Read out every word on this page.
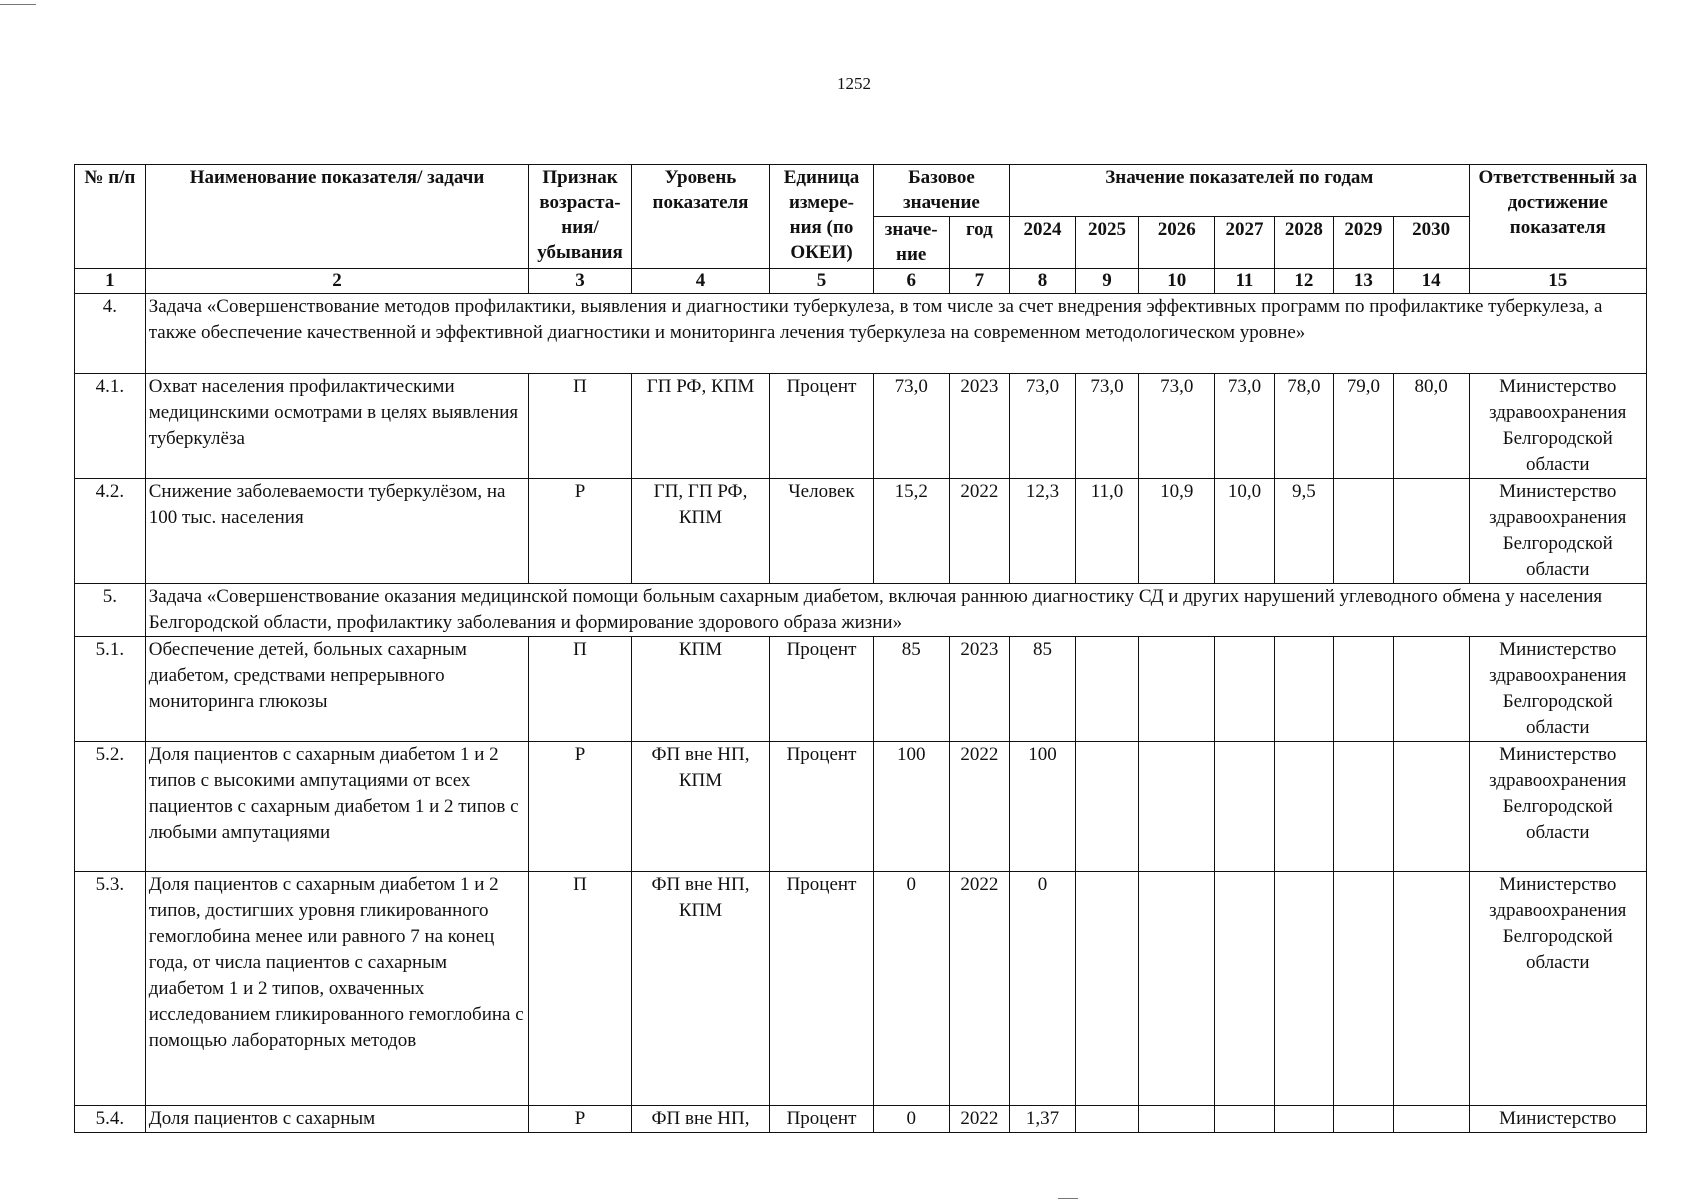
1252
№ п/п	Наименование показателя/ задачи	Признак возраста-ния/ убывания	Уровень показателя	Единица измере-ния (по ОКЕИ)	Базовое значение		Значение показателей по годам							Ответственный за достижение показателя
					значе-ние	год	2024	2025	2026	2027	2028	2029	2030	
1	2	3	4	5	6	7	8	9	10	11	12	13	14	15
4.	Задача «Совершенствование методов профилактики, выявления и диагностики туберкулеза, в том числе за счет внедрения эффективных программ по профилактике туберкулеза, а также обеспечение качественной и эффективной диагностики и мониторинга лечения туберкулеза на современном методологическом уровне»													
4.1.	Охват населения профилактическими медицинскими осмотрами в целях выявления туберкулёза	П	ГП РФ, КПМ	Процент	73,0	2023	73,0	73,0	73,0	73,0	78,0	79,0	80,0	Министерство здравоохранения Белгородской области
4.2.	Снижение заболеваемости туберкулёзом, на 100 тыс. населения	Р	ГП, ГП РФ, КПМ	Человек	15,2	2022	12,3	11,0	10,9	10,0	9,5			Министерство здравоохранения Белгородской области
5.	Задача «Совершенствование оказания медицинской помощи больным сахарным диабетом, включая раннюю диагностику СД и других нарушений углеводного обмена у населения Белгородской области, профилактику заболевания и формирование здорового образа жизни»													
5.1.	Обеспечение детей, больных сахарным диабетом, средствами непрерывного мониторинга глюкозы	П	КПМ	Процент	85	2023	85							Министерство здравоохранения Белгородской области
5.2.	Доля пациентов с сахарным диабетом 1 и 2 типов с высокими ампутациями от всех пациентов с сахарным диабетом 1 и 2 типов с любыми ампутациями	Р	ФП вне НП, КПМ	Процент	100	2022	100							Министерство здравоохранения Белгородской области
5.3.	Доля пациентов с сахарным диабетом 1 и 2 типов, достигших уровня гликированного гемоглобина менее или равного 7 на конец года, от числа пациентов с сахарным диабетом 1 и 2 типов, охваченных исследованием гликированного гемоглобина с помощью лабораторных методов	П	ФП вне НП, КПМ	Процент	0	2022	0							Министерство здравоохранения Белгородской области
5.4.	Доля пациентов с сахарным	Р	ФП вне НП,	Процент	0	2022	1,37							Министерство
